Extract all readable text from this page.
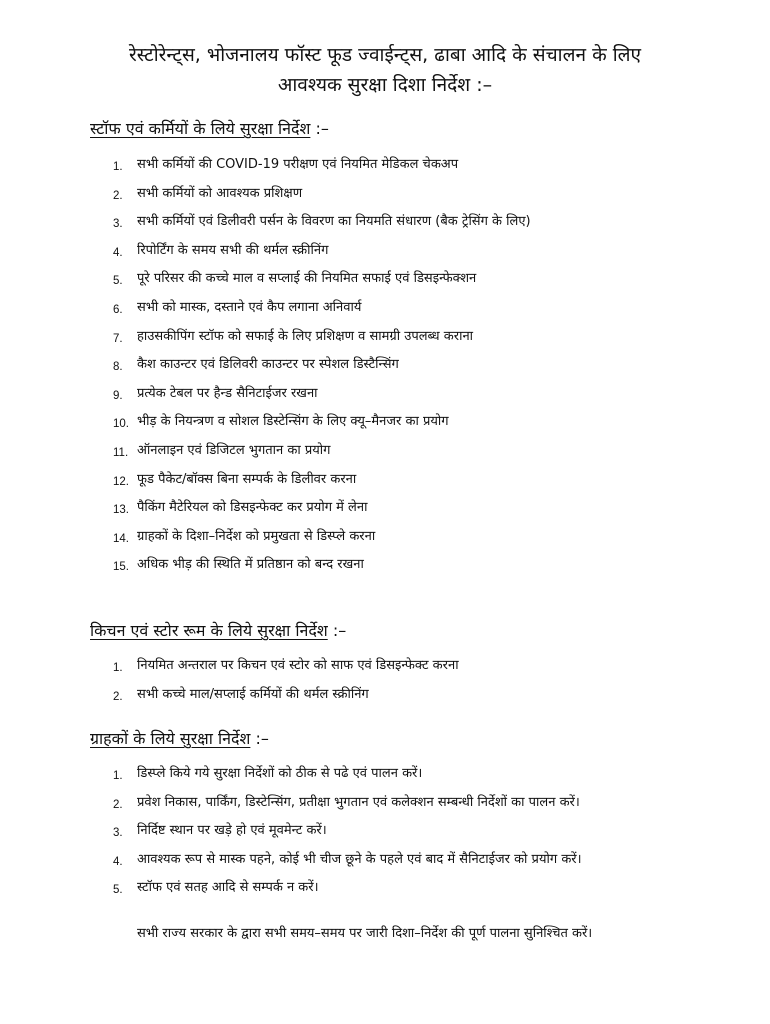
रेस्टोरेन्ट्स, भोजनालय फॉस्ट फूड ज्वाईन्ट्स, ढाबा आदि के संचालन के लिए
आवश्यक सुरक्षा दिशा निर्देश :–
स्टॉफ एवं कर्मियों के लिये सुरक्षा निर्देश :–
1. सभी कर्मियों की COVID-19 परीक्षण एवं नियमित मेडिकल चेकअप
2. सभी कर्मियों को आवश्यक प्रशिक्षण
3. सभी कर्मियों एवं डिलीवरी पर्सन के विवरण का नियमति संधारण (बैक ट्रेसिंग के लिए)
4. रिपोर्टिंग के समय सभी की थर्मल स्क्रीनिंग
5. पूरे परिसर की कच्चे माल व सप्लाई की नियमित सफाई एवं डिसइन्फेक्शन
6. सभी को मास्क, दस्ताने एवं कैप लगाना अनिवार्य
7. हाउसकीपिंग स्टॉफ को सफाई के लिए प्रशिक्षण व सामग्री उपलब्ध कराना
8. कैश काउन्टर एवं डिलिवरी काउन्टर पर स्पेशल डिस्टैन्सिंग
9. प्रत्येक टेबल पर हैन्ड सैनिटाईजर रखना
10. भीड़ के नियन्त्रण व सोशल डिस्टेन्सिंग के लिए क्यू–मैनजर का प्रयोग
11. ऑनलाइन एवं डिजिटल भुगतान का प्रयोग
12. फूड पैकेट/बॉक्स बिना सम्पर्क के डिलीवर करना
13. पैकिंग मैटेरियल को डिसइन्फेक्ट कर प्रयोग में लेना
14. ग्राहकों के दिशा–निर्देश को प्रमुखता से डिस्प्ले करना
15. अधिक भीड़ की स्थिति में प्रतिष्ठान को बन्द रखना
किचन एवं स्टोर रूम के लिये सुरक्षा निर्देश :–
1. नियमित अन्तराल पर किचन एवं स्टोर को साफ एवं डिसइन्फेक्ट करना
2. सभी कच्चे माल/सप्लाई कर्मियों की थर्मल स्क्रीनिंग
ग्राहकों के लिये सुरक्षा निर्देश :–
1. डिस्प्ले किये गये सुरक्षा निर्देशों को ठीक से पढे एवं पालन करें।
2. प्रवेश निकास, पार्किंग, डिस्टेन्सिंग, प्रतीक्षा भुगतान एवं कलेक्शन सम्बन्धी निर्देशों का पालन करें।
3. निर्दिष्ट स्थान पर खड़े हो एवं मूवमेन्ट करें।
4. आवश्यक रूप से मास्क पहने, कोई भी चीज छूने के पहले एवं बाद में सैनिटाईजर को प्रयोग करें।
5. स्टॉफ एवं सतह आदि से सम्पर्क न करें।
सभी राज्य सरकार के द्वारा सभी समय–समय पर जारी दिशा–निर्देश की पूर्ण पालना सुनिश्चित करें।
